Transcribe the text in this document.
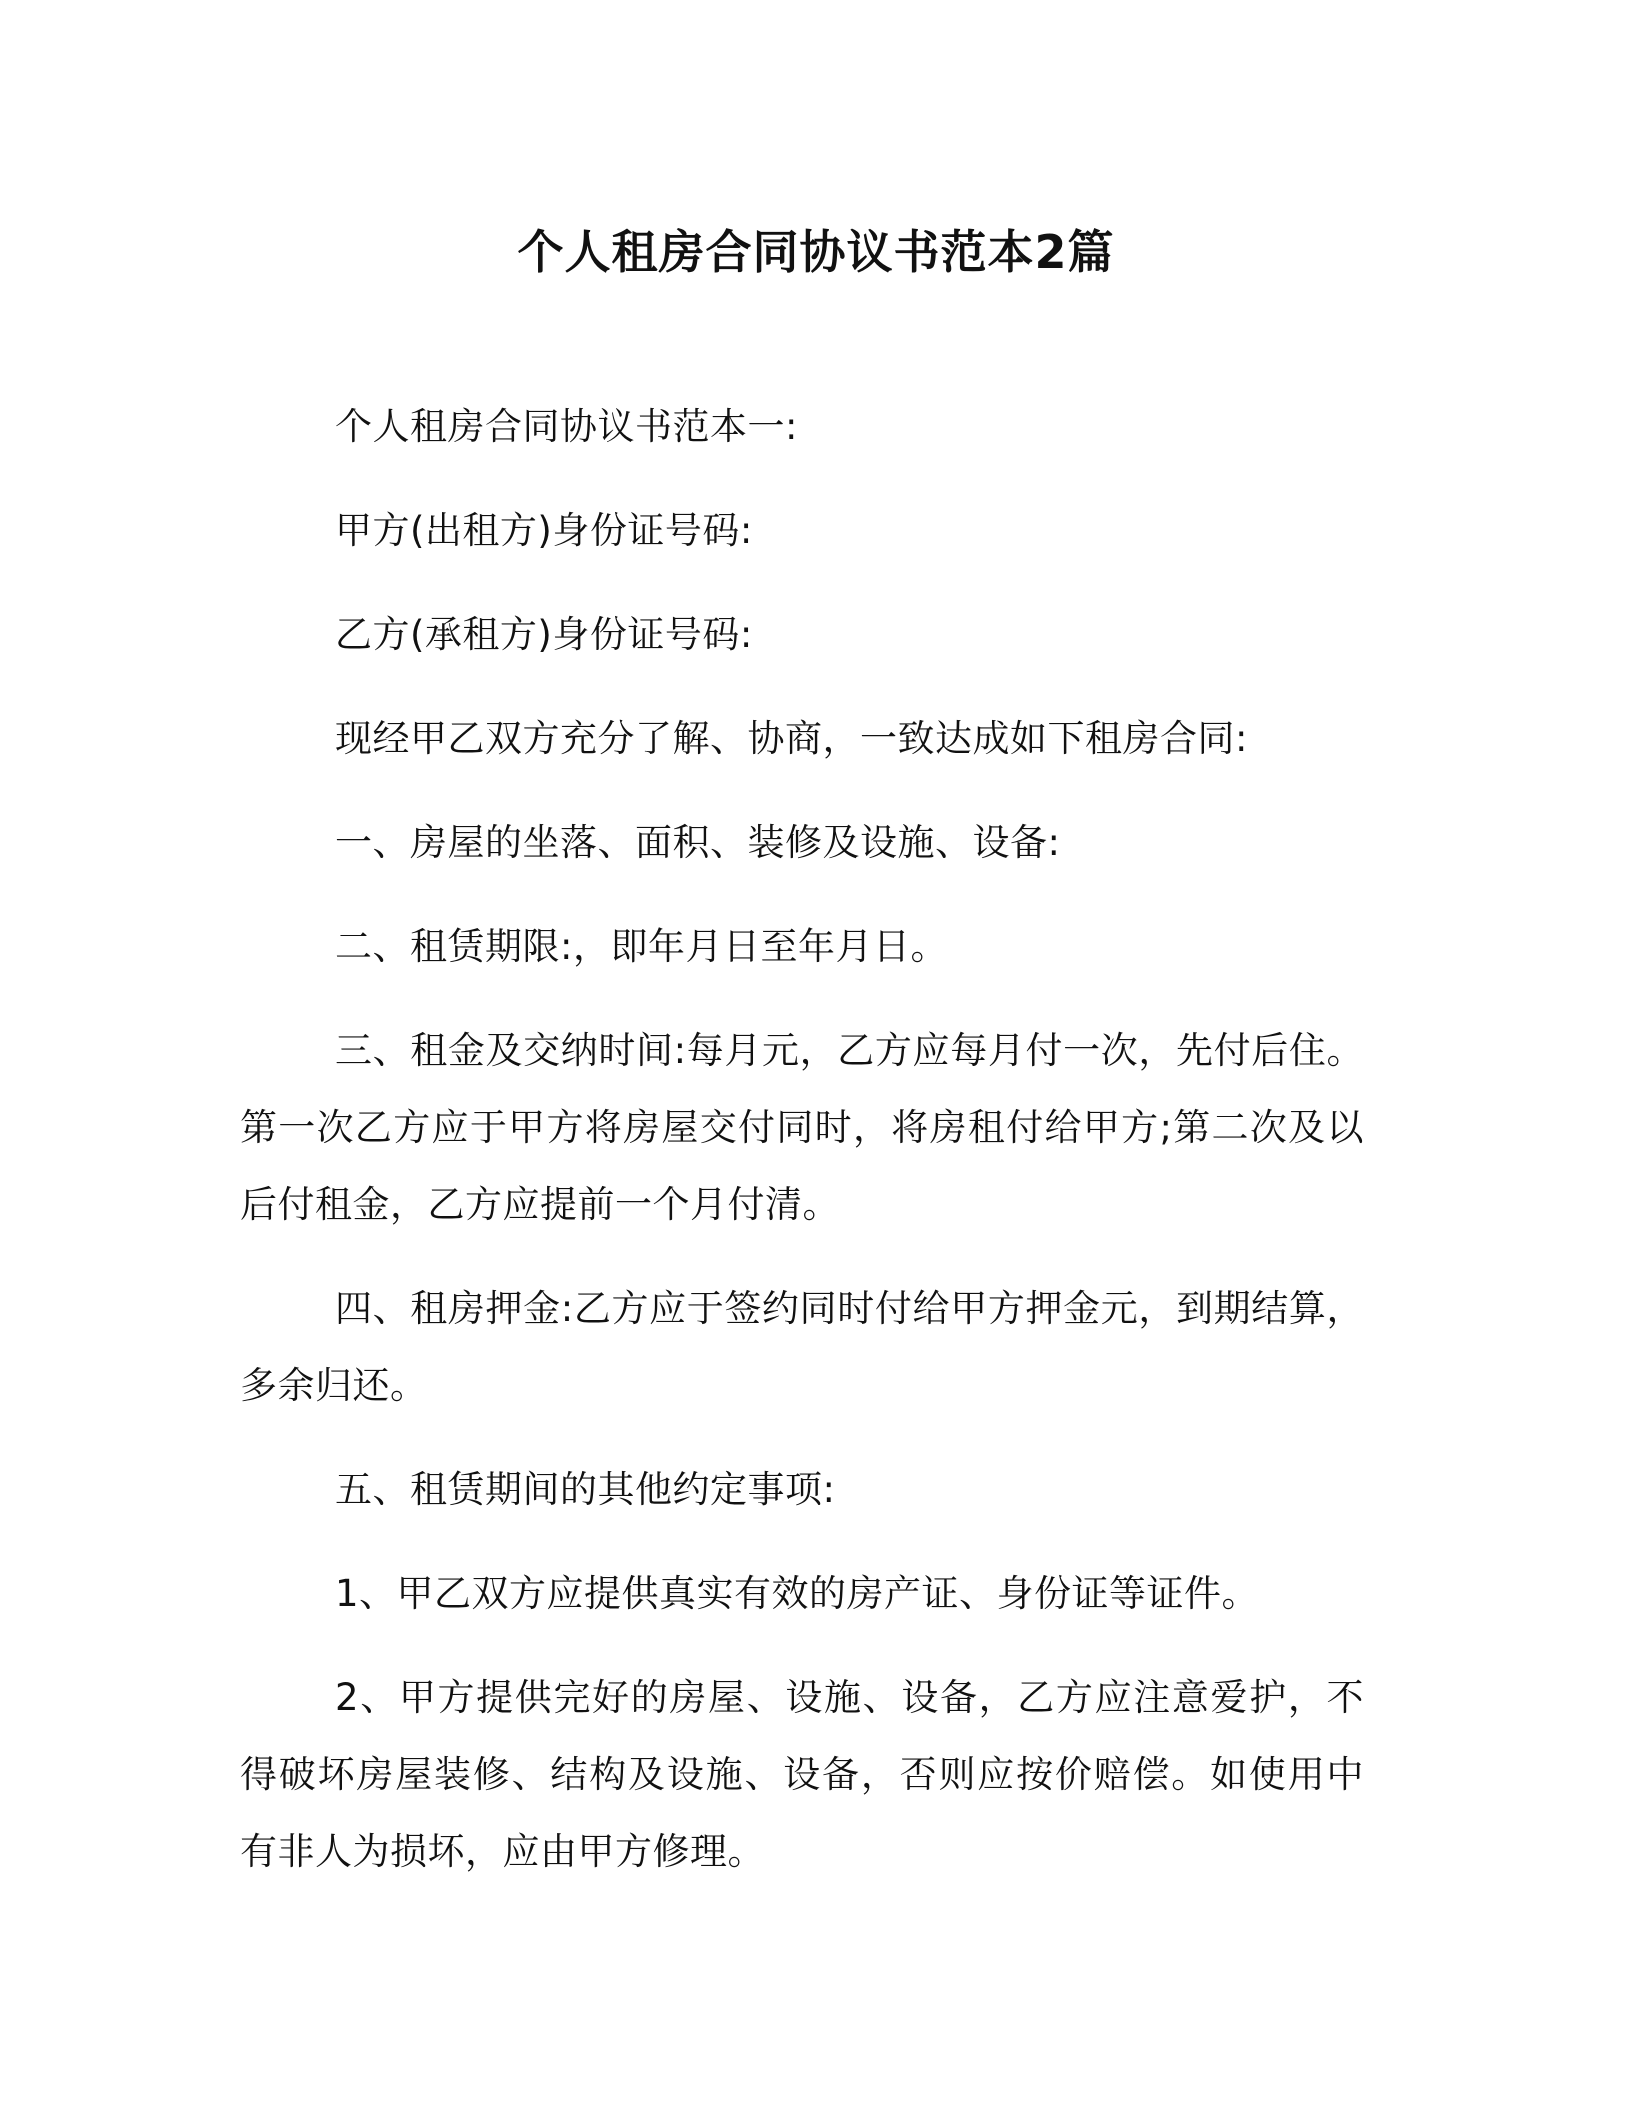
个人租房合同协议书范本2篇

个人租房合同协议书范本一:

甲方(出租方)身份证号码:

乙方(承租方)身份证号码:

现经甲乙双方充分了解、协商，一致达成如下租房合同:

一、房屋的坐落、面积、装修及设施、设备:

二、租赁期限:，即年月日至年月日。

三、租金及交纳时间:每月元，乙方应每月付一次，先付后住。第一次乙方应于甲方将房屋交付同时，将房租付给甲方;第二次及以后付租金，乙方应提前一个月付清。

四、租房押金:乙方应于签约同时付给甲方押金元，到期结算，多余归还。

五、租赁期间的其他约定事项:

1、甲乙双方应提供真实有效的房产证、身份证等证件。

2、甲方提供完好的房屋、设施、设备，乙方应注意爱护，不得破坏房屋装修、结构及设施、设备，否则应按价赔偿。如使用中有非人为损坏，应由甲方修理。
